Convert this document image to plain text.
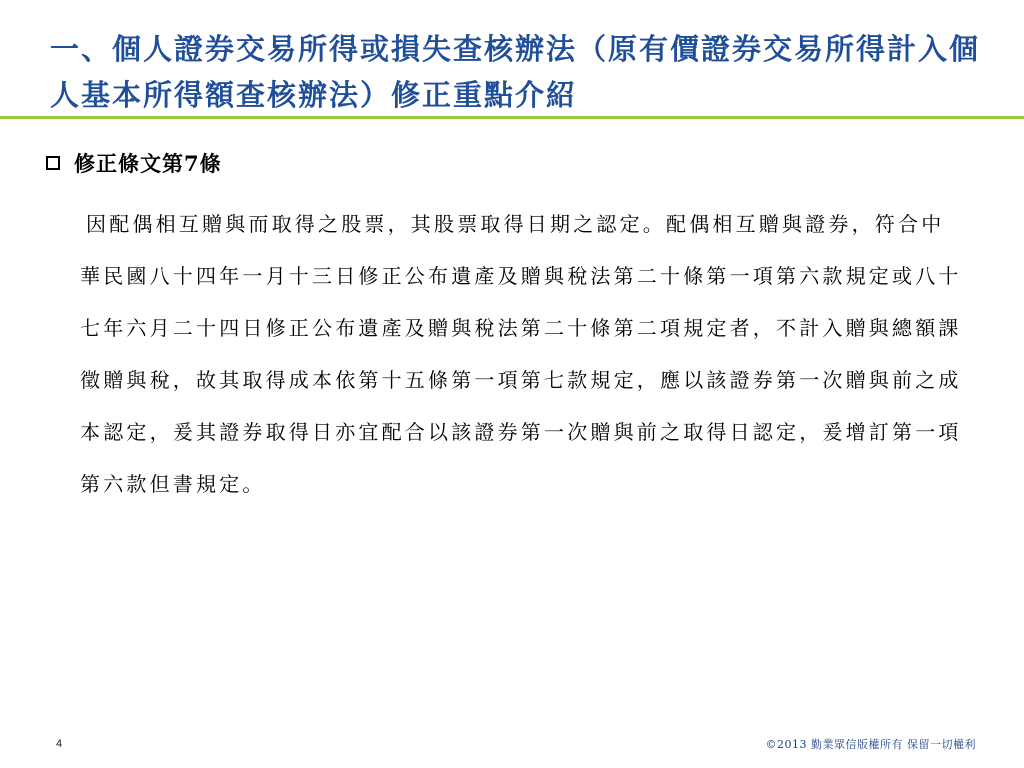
一、個人證券交易所得或損失查核辦法（原有價證券交易所得計入個人基本所得額查核辦法）修正重點介紹
修正條文第7條

因配偶相互贈與而取得之股票，其股票取得日期之認定。配偶相互贈與證券，符合中華民國八十四年一月十三日修正公布遺產及贈與稅法第二十條第一項第六款規定或八十七年六月二十四日修正公布遺產及贈與稅法第二十條第二項規定者，不計入贈與總額課徵贈與稅，故其取得成本依第十五條第一項第七款規定，應以該證券第一次贈與前之成本認定，爰其證券取得日亦宜配合以該證券第一次贈與前之取得日認定，爰增訂第一項第六款但書規定。

4	©2013 勤業眾信版權所有 保留一切權利
